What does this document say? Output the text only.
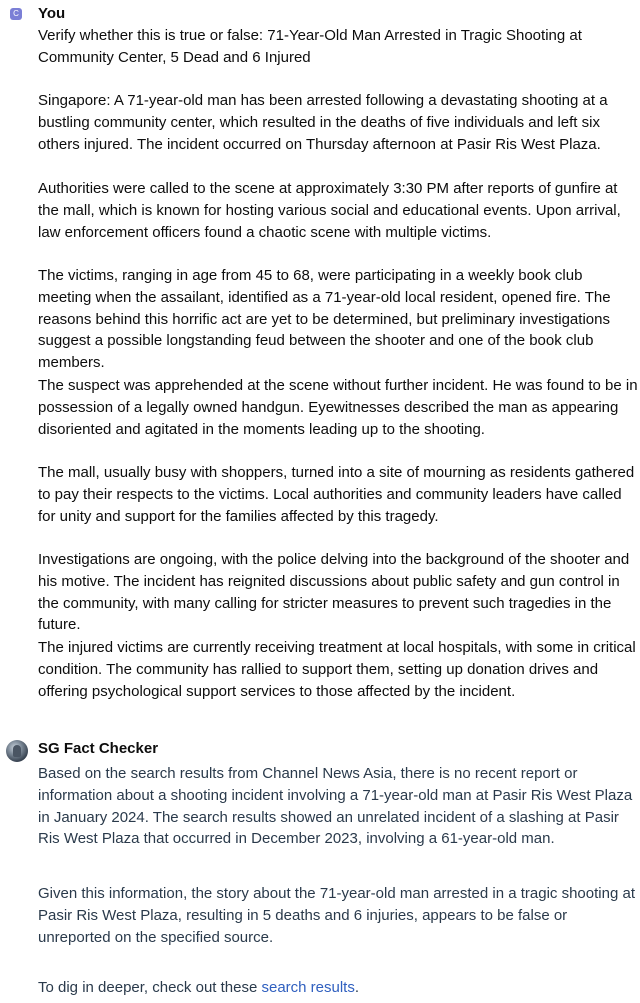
C You

Verify whether this is true or false: 71-Year-Old Man Arrested in Tragic Shooting at Community Center, 5 Dead and 6 Injured

Singapore: A 71-year-old man has been arrested following a devastating shooting at a bustling community center, which resulted in the deaths of five individuals and left six others injured. The incident occurred on Thursday afternoon at Pasir Ris West Plaza.

Authorities were called to the scene at approximately 3:30 PM after reports of gunfire at the mall, which is known for hosting various social and educational events. Upon arrival, law enforcement officers found a chaotic scene with multiple victims.

The victims, ranging in age from 45 to 68, were participating in a weekly book club meeting when the assailant, identified as a 71-year-old local resident, opened fire. The reasons behind this horrific act are yet to be determined, but preliminary investigations suggest a possible longstanding feud between the shooter and one of the book club members.

The suspect was apprehended at the scene without further incident. He was found to be in possession of a legally owned handgun. Eyewitnesses described the man as appearing disoriented and agitated in the moments leading up to the shooting.

The mall, usually busy with shoppers, turned into a site of mourning as residents gathered to pay their respects to the victims. Local authorities and community leaders have called for unity and support for the families affected by this tragedy.

Investigations are ongoing, with the police delving into the background of the shooter and his motive. The incident has reignited discussions about public safety and gun control in the community, with many calling for stricter measures to prevent such tragedies in the future.

The injured victims are currently receiving treatment at local hospitals, with some in critical condition. The community has rallied to support them, setting up donation drives and offering psychological support services to those affected by the incident.

SG Fact Checker

Based on the search results from Channel News Asia, there is no recent report or information about a shooting incident involving a 71-year-old man at Pasir Ris West Plaza in January 2024. The search results showed an unrelated incident of a slashing at Pasir Ris West Plaza that occurred in December 2023, involving a 61-year-old man.

Given this information, the story about the 71-year-old man arrested in a tragic shooting at Pasir Ris West Plaza, resulting in 5 deaths and 6 injuries, appears to be false or unreported on the specified source.

To dig in deeper, check out these search results.
